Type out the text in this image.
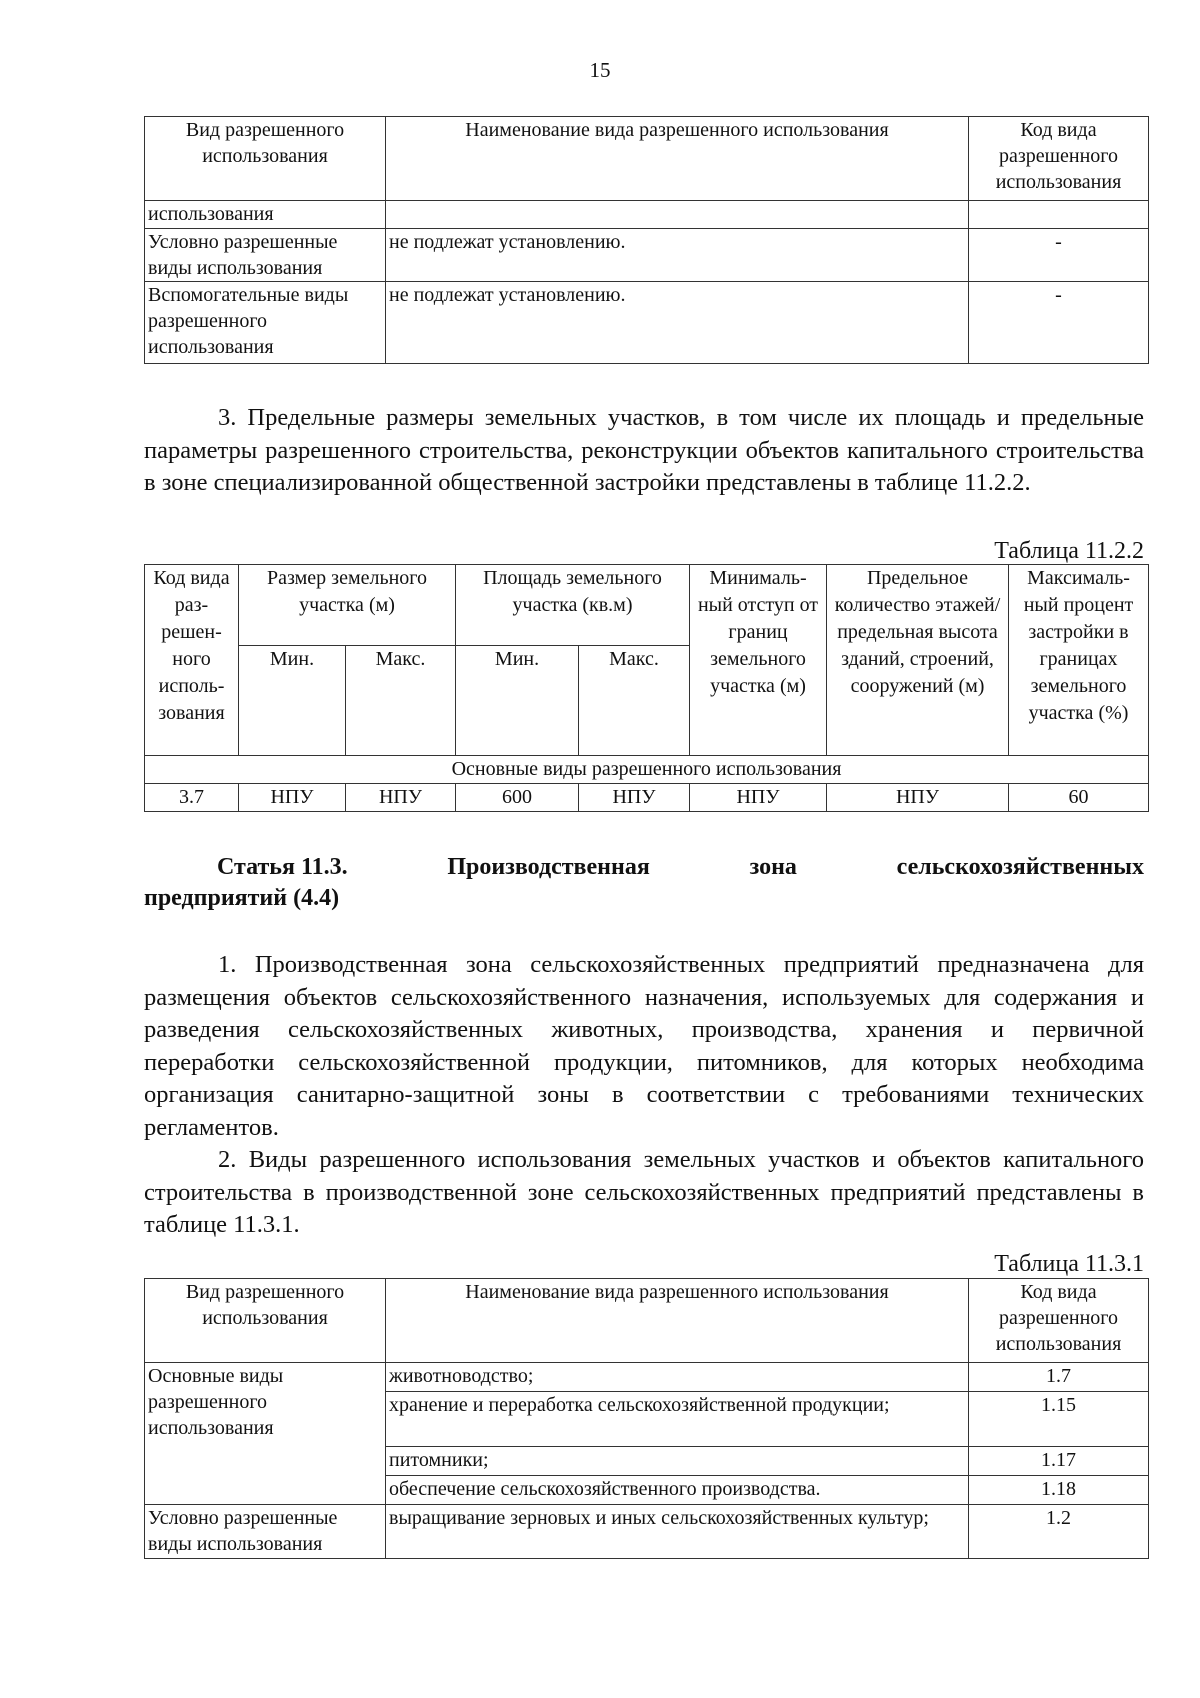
15
Вид разрешенного использования	Наименование вида разрешенного использования	Код вида разрешенного использования
использования		
Условно разрешенные виды использования	не подлежат установлению.	-
Вспомогательные виды разрешенного использования	не подлежат установлению.	-

3. Предельные размеры земельных участков, в том числе их площадь и предельные параметры разрешенного строительства, реконструкции объектов капитального строительства в зоне специализированной общественной застройки представлены в таблице 11.2.2.

Таблица 11.2.2
Код вида раз-решен-ного исполь-зования	Размер земельного участка (м)		Площадь земельного участка (кв.м)		Минималь-ный отступ от границ земельного участка (м)	Предельное количество этажей/ предельная высота зданий, строений, сооружений (м)	Максималь-ный процент застройки в границах земельного участка (%)
	Мин.	Макс.	Мин.	Макс.			
Основные виды разрешенного использования							
3.7	НПУ	НПУ	600	НПУ	НПУ	НПУ	60
Статья 11.3.	Производственная	зона	сельскохозяйственных
предприятий (4.4)

1. Производственная зона сельскохозяйственных предприятий предназначена для размещения объектов сельскохозяйственного назначения, используемых для содержания и разведения сельскохозяйственных животных, производства, хранения и первичной переработки сельскохозяйственной продукции, питомников, для которых необходима организация санитарно-защитной зоны в соответствии с требованиями технических регламентов.

2. Виды разрешенного использования земельных участков и объектов капитального строительства в производственной зоне сельскохозяйственных предприятий представлены в таблице 11.3.1.

Таблица 11.3.1
Вид разрешенного использования	Наименование вида разрешенного использования	Код вида разрешенного использования
Основные виды разрешенного использования	животноводство;	1.7
	хранение и переработка сельскохозяйственной продукции;	1.15
	питомники;	1.17
	обеспечение сельскохозяйственного производства.	1.18
Условно разрешенные виды использования	выращивание зерновых и иных сельскохозяйственных культур;	1.2
